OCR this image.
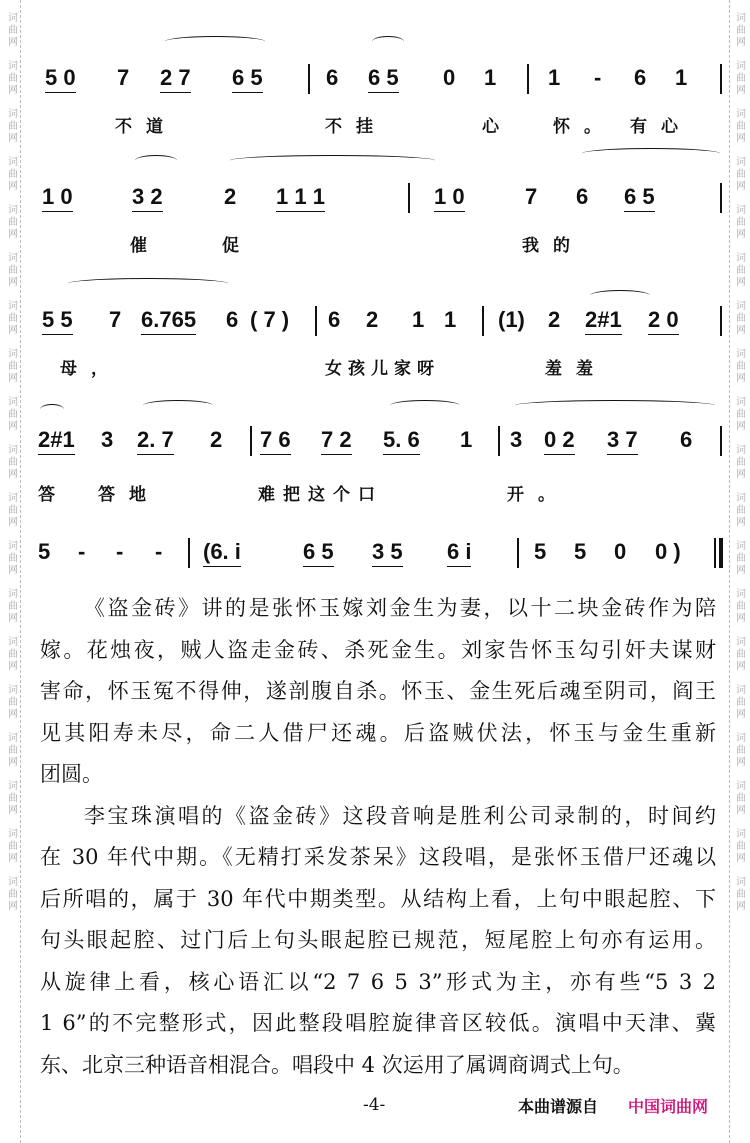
词曲网
词曲网
词曲网
词曲网
词曲网
词曲网
词曲网
词曲网
词曲网
词曲网
词曲网
词曲网
词曲网
词曲网
词曲网
词曲网
词曲网
词曲网
词曲网
词曲网
词曲网
词曲网
词曲网
词曲网
词曲网
词曲网
词曲网
词曲网
词曲网
词曲网
词曲网
词曲网
词曲网
词曲网
词曲网
词曲网
词曲网
词曲网
5 0 7 2 7 6 5	6 6 5 0 1 1 - 6 1
不道	不挂	心 怀。 有心
1 0	3 2	2 1 1 1	1 0	7 6 6 5
催	促	我的
5 5 7 6.765 6 ( 7 ) 6 2 1 1 (1) 2 2#1 2 0
母，	女孩儿家呀	羞羞
2#1 3 2. 7 2 7 6 7 2 5. 6 1 3 0 2 3 7 6
答 答地	难把这个口	开。
5 - - - (6. i	6 5 3 5 6 i	5 5 0 0 )
《盗金砖》讲的是张怀玉嫁刘金生为妻，以十二块金砖作为陪
嫁。花烛夜，贼人盗走金砖、杀死金生。刘家告怀玉勾引奸夫谋财
害命，怀玉冤不得伸，遂剖腹自杀。怀玉、金生死后魂至阴司，阎王
见其阳寿未尽，命二人借尸还魂。后盗贼伏法，怀玉与金生重新
团圆。
李宝珠演唱的《盗金砖》这段音响是胜利公司录制的，时间约
在 30 年代中期。《无精打采发茶呆》这段唱，是张怀玉借尸还魂以
后所唱的，属于 30 年代中期类型。从结构上看，上句中眼起腔、下
句头眼起腔、过门后上句头眼起腔已规范，短尾腔上句亦有运用。
从旋律上看，核心语汇以“2 7 6 5 3”形式为主，亦有些“5 3 2
1 6”的不完整形式，因此整段唱腔旋律音区较低。演唱中天津、冀
东、北京三种语音相混合。唱段中 4 次运用了属调商调式上句。
-4-	本曲谱源自 中国词曲网
